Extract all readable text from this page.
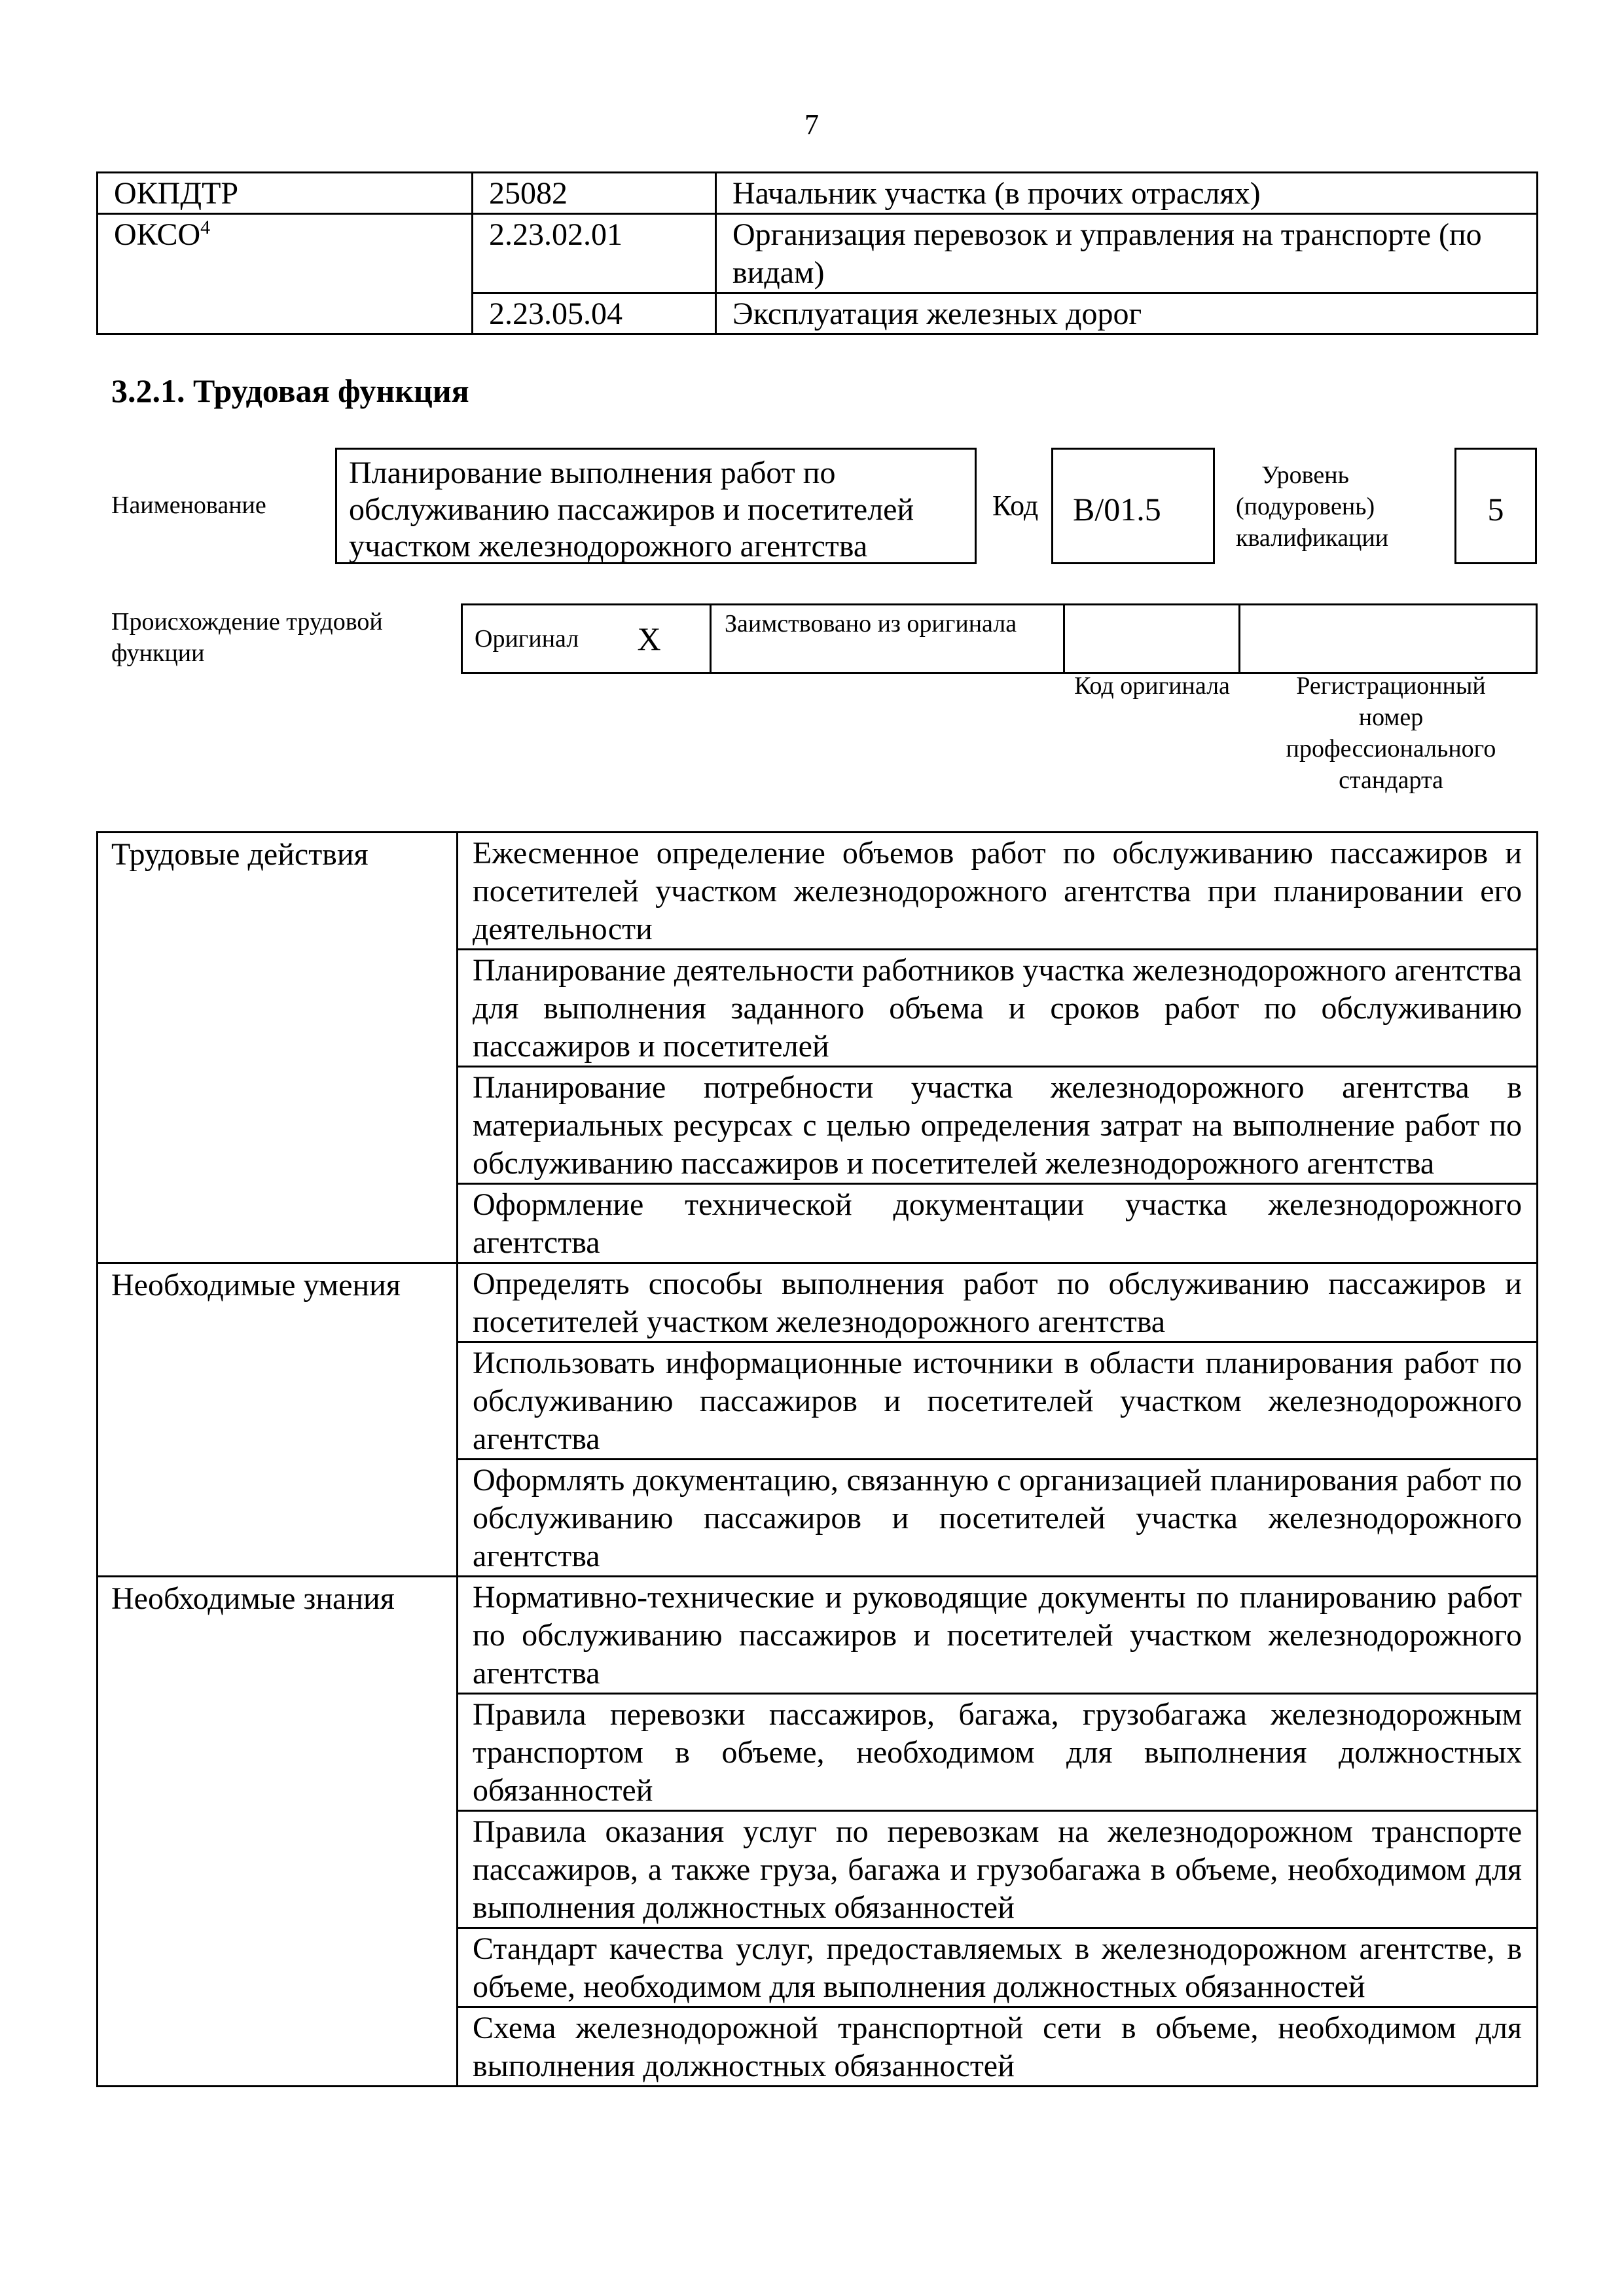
7
ОКПДТР	25082	Начальник участка (в прочих отраслях)
ОКСО$^4$	2.23.02.01	Организация перевозок и управления на транспорте (по видам)
	2.23.05.04	Эксплуатация железных дорог
3.2.1. Трудовая функция
Наименование
Планирование выполнения работ по обслуживанию пассажиров и посетителей участком железнодорожного агентства
Код	B/01.5
Уровень (подуровень) квалификации
5
Происхождение трудовой функции
Оригинал	X	Заимствовано из оригинала		
Код оригинала	Регистрационный номер профессионального стандарта
Трудовые действия	Ежесменное определение объемов работ по обслуживанию пассажиров и посетителей участком железнодорожного агентства при планировании его деятельности
	Планирование деятельности работников участка железнодорожного агентства для выполнения заданного объема и сроков работ по обслуживанию пассажиров и посетителей
	Планирование потребности участка железнодорожного агентства в материальных ресурсах с целью определения затрат на выполнение работ по обслуживанию пассажиров и посетителей железнодорожного агентства
	Оформление технической документации участка железнодорожного агентства
Необходимые умения	Определять способы выполнения работ по обслуживанию пассажиров и посетителей участком железнодорожного агентства
	Использовать информационные источники в области планирования работ по обслуживанию пассажиров и посетителей участком железнодорожного агентства
	Оформлять документацию, связанную с организацией планирования работ по обслуживанию пассажиров и посетителей участка железнодорожного агентства
Необходимые знания	Нормативно-технические и руководящие документы по планированию работ по обслуживанию пассажиров и посетителей участком железнодорожного агентства
	Правила перевозки пассажиров, багажа, грузобагажа железнодорожным транспортом в объеме, необходимом для выполнения должностных обязанностей
	Правила оказания услуг по перевозкам на железнодорожном транспорте пассажиров, а также груза, багажа и грузобагажа в объеме, необходимом для выполнения должностных обязанностей
	Стандарт качества услуг, предоставляемых в железнодорожном агентстве, в объеме, необходимом для выполнения должностных обязанностей
	Схема железнодорожной транспортной сети в объеме, необходимом для выполнения должностных обязанностей
